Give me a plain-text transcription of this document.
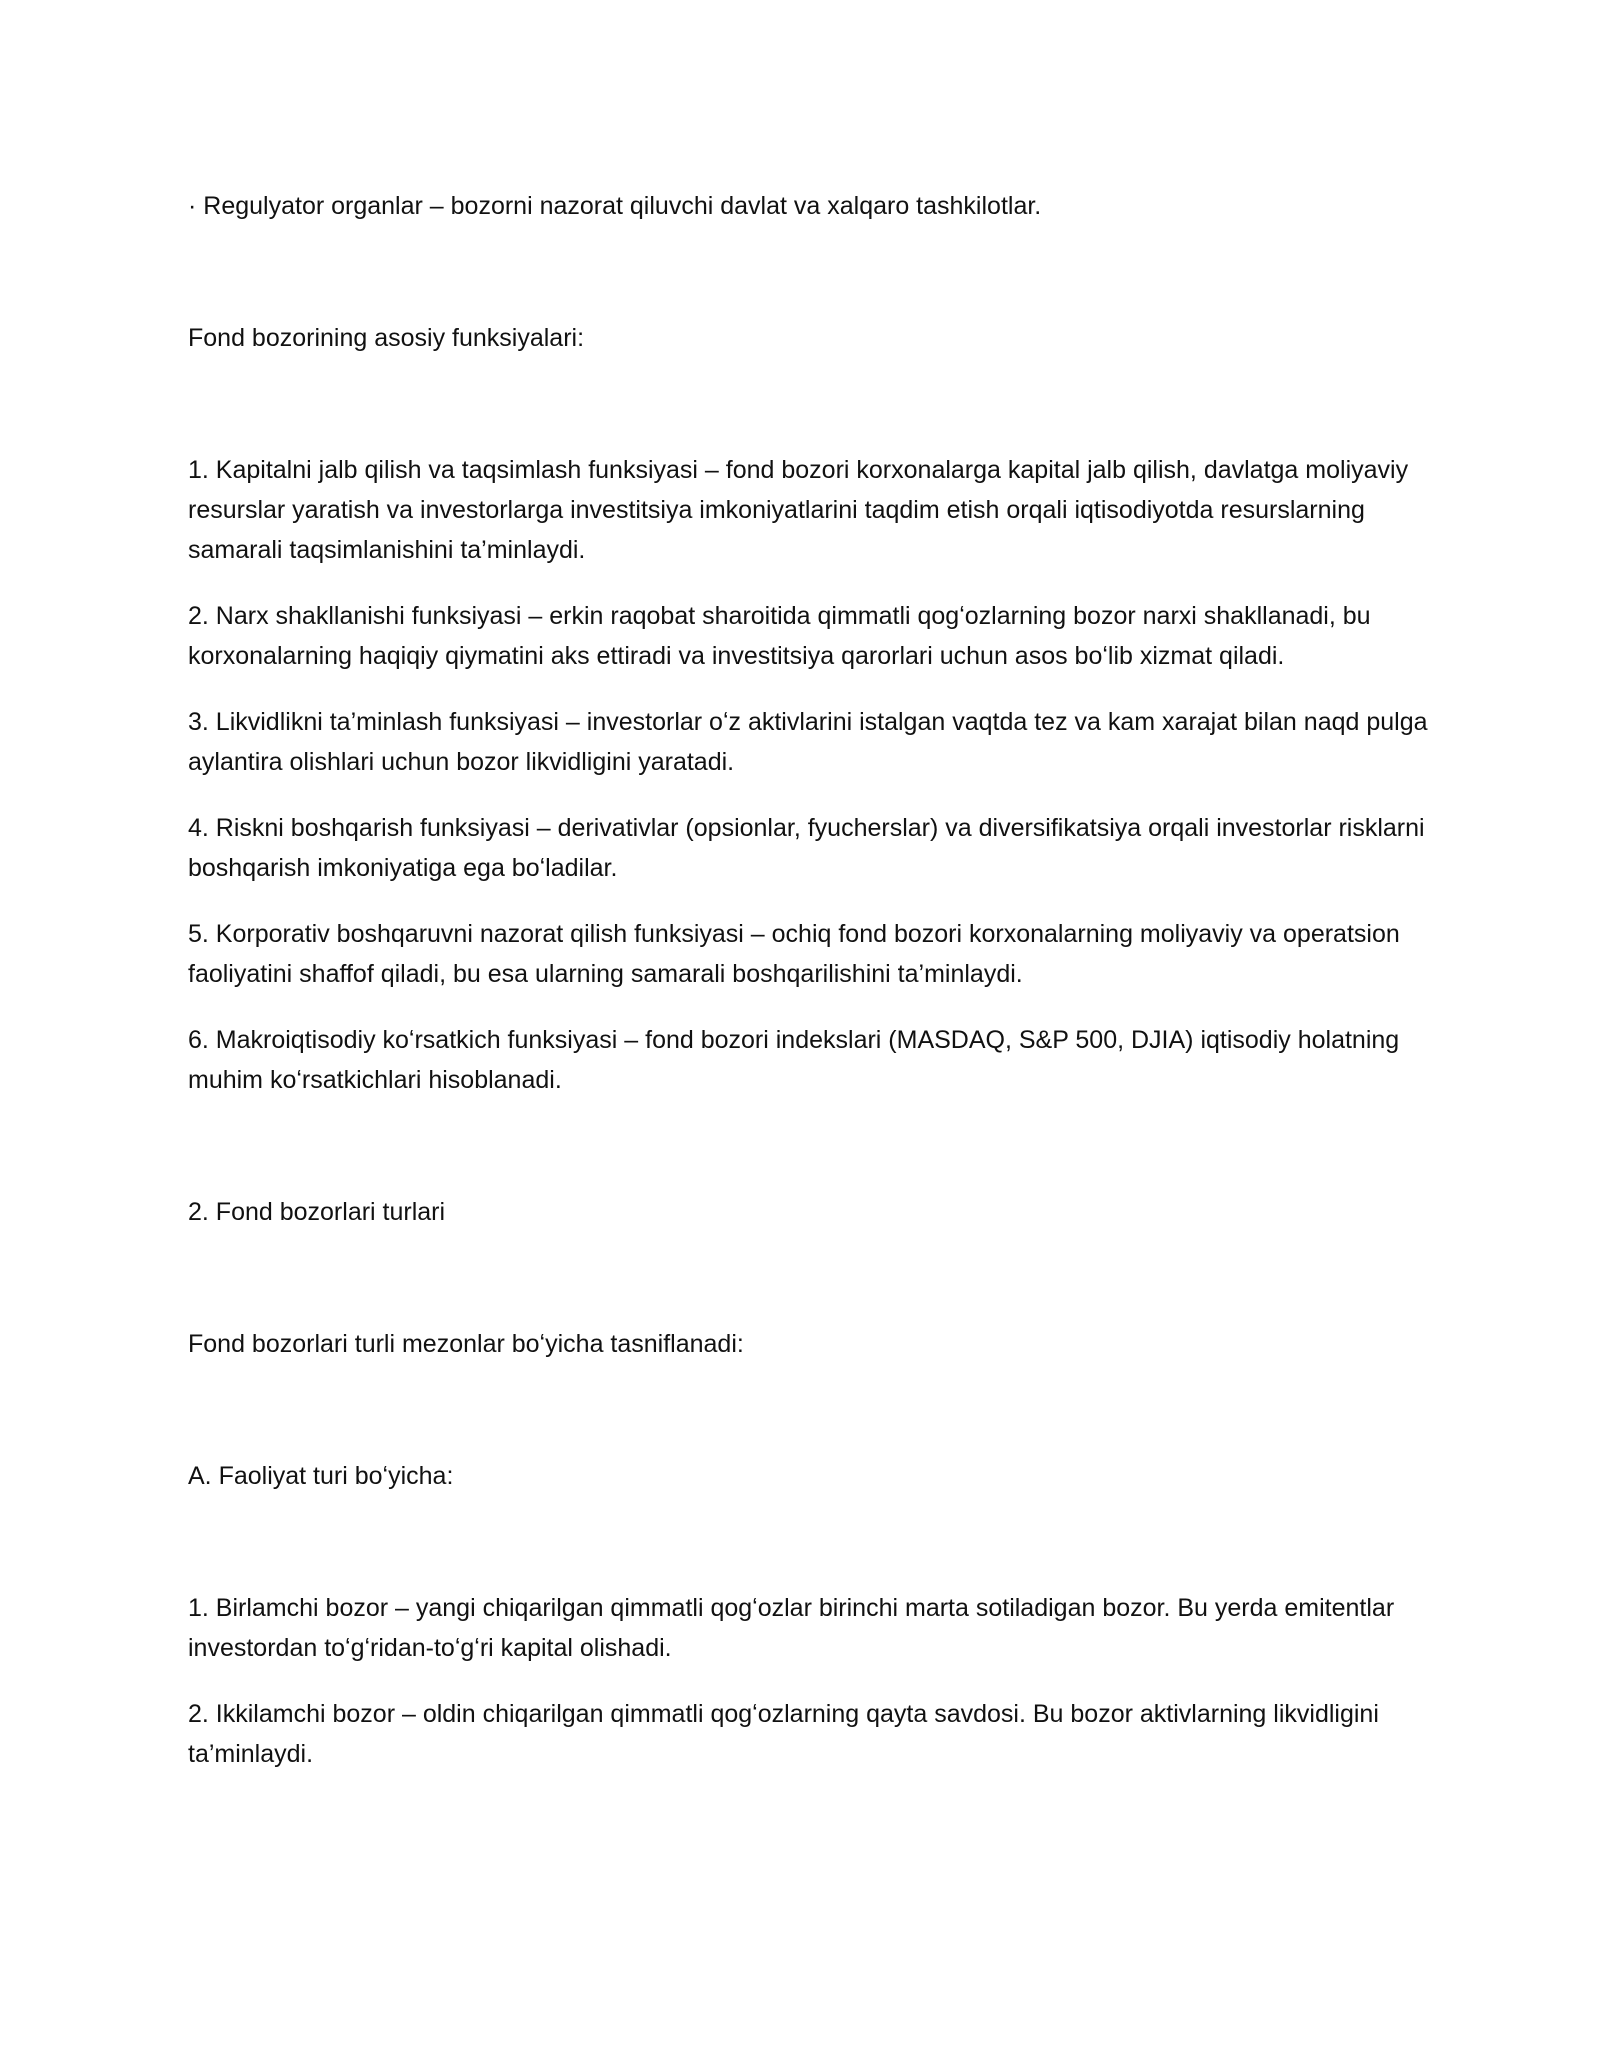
· Regulyator organlar – bozorni nazorat qiluvchi davlat va xalqaro tashkilotlar.

Fond bozorining asosiy funksiyalari:

1. Kapitalni jalb qilish va taqsimlash funksiyasi – fond bozori korxonalarga kapital jalb qilish, davlatga moliyaviy resurslar yaratish va investorlarga investitsiya imkoniyatlarini taqdim etish orqali iqtisodiyotda resurslarning samarali taqsimlanishini ta’minlaydi.

2. Narx shakllanishi funksiyasi – erkin raqobat sharoitida qimmatli qogʻozlarning bozor narxi shakllanadi, bu korxonalarning haqiqiy qiymatini aks ettiradi va investitsiya qarorlari uchun asos boʻlib xizmat qiladi.

3. Likvidlikni ta’minlash funksiyasi – investorlar oʻz aktivlarini istalgan vaqtda tez va kam xarajat bilan naqd pulga aylantira olishlari uchun bozor likvidligini yaratadi.

4. Riskni boshqarish funksiyasi – derivativlar (opsionlar, fyucherslar) va diversifikatsiya orqali investorlar risklarni boshqarish imkoniyatiga ega boʻladilar.

5. Korporativ boshqaruvni nazorat qilish funksiyasi – ochiq fond bozori korxonalarning moliyaviy va operatsion faoliyatini shaffof qiladi, bu esa ularning samarali boshqarilishini ta’minlaydi.

6. Makroiqtisodiy koʻrsatkich funksiyasi – fond bozori indekslari (MASDAQ, S&P 500, DJIA) iqtisodiy holatning muhim koʻrsatkichlari hisoblanadi.

2. Fond bozorlari turlari

Fond bozorlari turli mezonlar boʻyicha tasniflanadi:

A. Faoliyat turi boʻyicha:

1. Birlamchi bozor – yangi chiqarilgan qimmatli qogʻozlar birinchi marta sotiladigan bozor. Bu yerda emitentlar investordan toʻgʻridan-toʻgʻri kapital olishadi.

2. Ikkilamchi bozor – oldin chiqarilgan qimmatli qogʻozlarning qayta savdosi. Bu bozor aktivlarning likvidligini ta’minlaydi.
